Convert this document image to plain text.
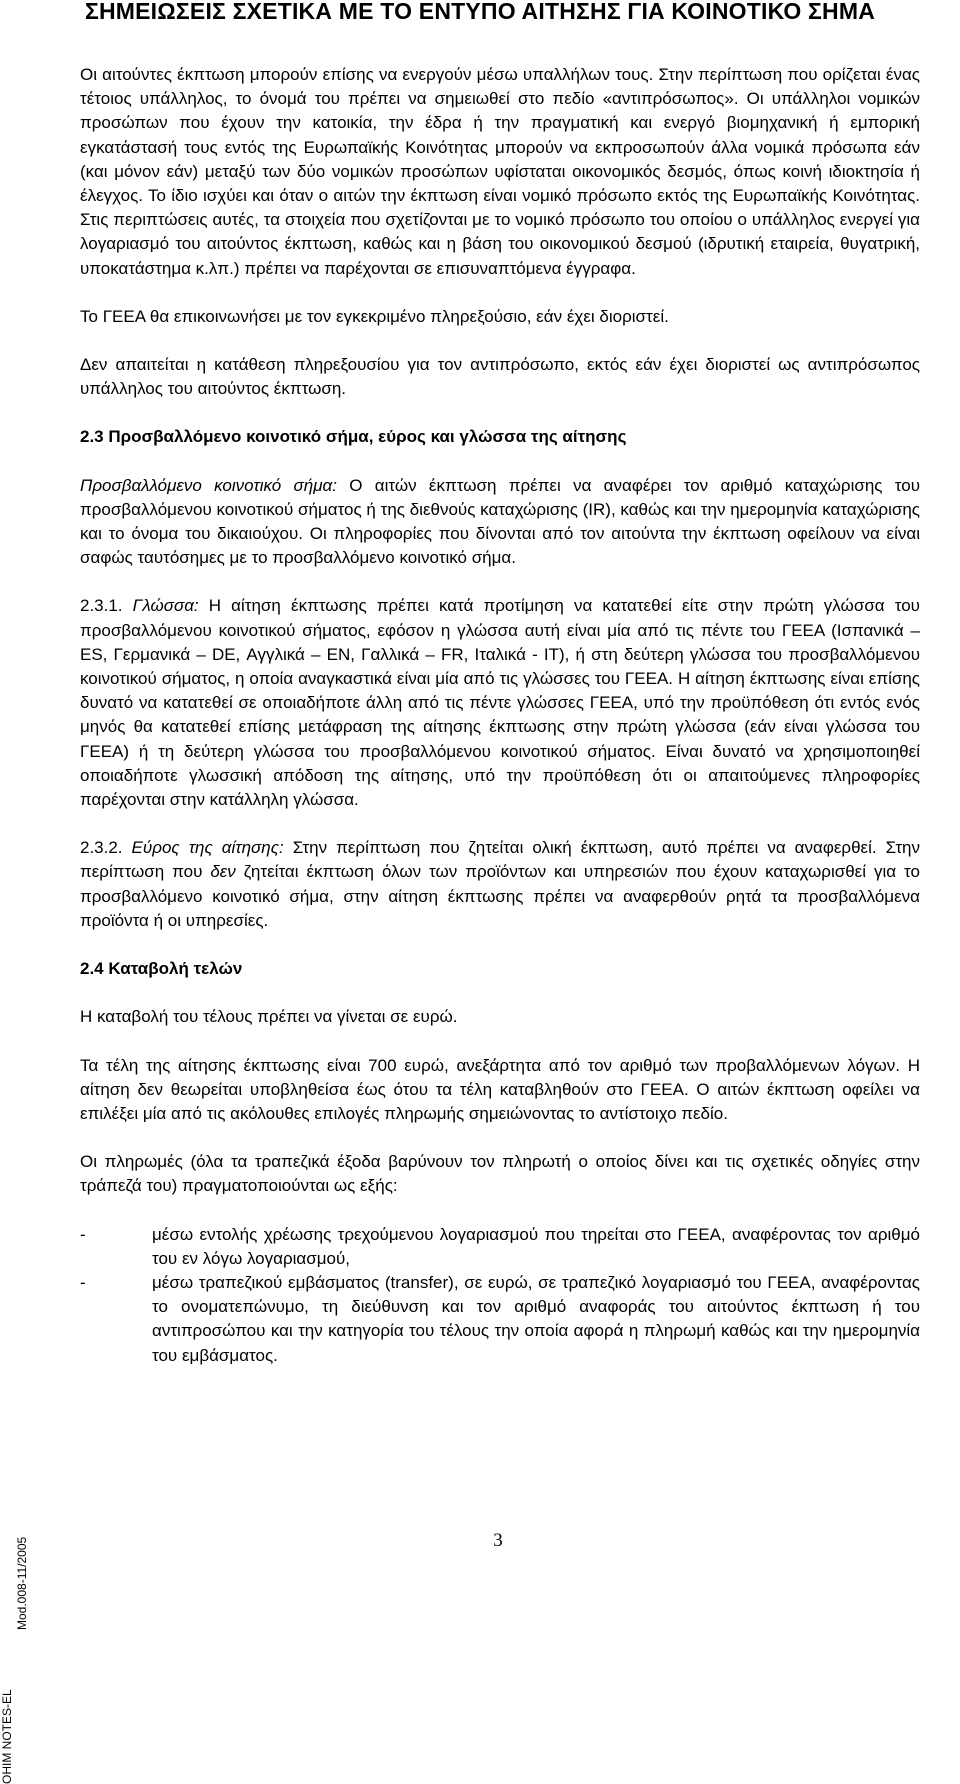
ΣΗΜΕΙΩΣΕΙΣ ΣΧΕΤΙΚΑ ΜΕ ΤΟ ΕΝΤΥΠΟ ΑΙΤΗΣΗΣ ΓΙΑ ΚΟΙΝΟΤΙΚΟ ΣΗΜΑ

Οι αιτούντες έκπτωση μπορούν επίσης να ενεργούν μέσω υπαλλήλων τους. Στην περίπτωση που ορίζεται ένας τέτοιος υπάλληλος, το όνομά του πρέπει να σημειωθεί στο πεδίο «αντιπρόσωπος». Οι υπάλληλοι νομικών προσώπων που έχουν την κατοικία, την έδρα ή την πραγματική και ενεργό βιομηχανική ή εμπορική εγκατάστασή τους εντός της Ευρωπαϊκής Κοινότητας μπορούν να εκπροσωπούν άλλα νομικά πρόσωπα εάν (και μόνον εάν) μεταξύ των δύο νομικών προσώπων υφίσταται οικονομικός δεσμός, όπως κοινή ιδιοκτησία ή έλεγχος. Το ίδιο ισχύει και όταν ο αιτών την έκπτωση είναι νομικό πρόσωπο εκτός της Ευρωπαϊκής Κοινότητας. Στις περιπτώσεις αυτές, τα στοιχεία που σχετίζονται με το νομικό πρόσωπο του οποίου ο υπάλληλος ενεργεί για λογαριασμό του αιτούντος έκπτωση, καθώς και η βάση του οικονομικού δεσμού (ιδρυτική εταιρεία, θυγατρική, υποκατάστημα κ.λπ.) πρέπει να παρέχονται σε επισυναπτόμενα έγγραφα.

Το ΓΕΕΑ θα επικοινωνήσει με τον εγκεκριμένο πληρεξούσιο, εάν έχει διοριστεί.

Δεν απαιτείται η κατάθεση πληρεξουσίου για τον αντιπρόσωπο, εκτός εάν έχει διοριστεί ως αντιπρόσωπος υπάλληλος του αιτούντος έκπτωση.

2.3 Προσβαλλόμενο κοινοτικό σήμα, εύρος και γλώσσα της αίτησης

Προσβαλλόμενο κοινοτικό σήμα: Ο αιτών έκπτωση πρέπει να αναφέρει τον αριθμό καταχώρισης του προσβαλλόμενου κοινοτικού σήματος ή της διεθνούς καταχώρισης (IR), καθώς και την ημερομηνία καταχώρισης και το όνομα του δικαιούχου. Οι πληροφορίες που δίνονται από τον αιτούντα την έκπτωση οφείλουν να είναι σαφώς ταυτόσημες με το προσβαλλόμενο κοινοτικό σήμα.

2.3.1. Γλώσσα: Η αίτηση έκπτωσης πρέπει κατά προτίμηση να κατατεθεί είτε στην πρώτη γλώσσα του προσβαλλόμενου κοινοτικού σήματος, εφόσον η γλώσσα αυτή είναι μία από τις πέντε του ΓΕΕΑ (Ισπανικά – ES, Γερμανικά – DE, Αγγλικά – EN, Γαλλικά – FR, Ιταλικά - IT), ή στη δεύτερη γλώσσα του προσβαλλόμενου κοινοτικού σήματος, η οποία αναγκαστικά είναι μία από τις γλώσσες του ΓΕΕΑ. Η αίτηση έκπτωσης είναι επίσης δυνατό να κατατεθεί σε οποιαδήποτε άλλη από τις πέντε γλώσσες ΓΕΕΑ, υπό την προϋπόθεση ότι εντός ενός μηνός θα κατατεθεί επίσης μετάφραση της αίτησης έκπτωσης στην πρώτη γλώσσα (εάν είναι γλώσσα του ΓΕΕΑ) ή τη δεύτερη γλώσσα του προσβαλλόμενου κοινοτικού σήματος. Είναι δυνατό να χρησιμοποιηθεί οποιαδήποτε γλωσσική απόδοση της αίτησης, υπό την προϋπόθεση ότι οι απαιτούμενες πληροφορίες παρέχονται στην κατάλληλη γλώσσα.

2.3.2. Εύρος της αίτησης: Στην περίπτωση που ζητείται ολική έκπτωση, αυτό πρέπει να αναφερθεί. Στην περίπτωση που δεν ζητείται έκπτωση όλων των προϊόντων και υπηρεσιών που έχουν καταχωρισθεί για το προσβαλλόμενο κοινοτικό σήμα, στην αίτηση έκπτωσης πρέπει να αναφερθούν ρητά τα προσβαλλόμενα προϊόντα ή οι υπηρεσίες.

2.4 Καταβολή τελών

Η καταβολή του τέλους πρέπει να γίνεται σε ευρώ.

Τα τέλη της αίτησης έκπτωσης είναι 700 ευρώ, ανεξάρτητα από τον αριθμό των προβαλλόμενων λόγων. Η αίτηση δεν θεωρείται υποβληθείσα έως ότου τα τέλη καταβληθούν στο ΓΕΕΑ. Ο αιτών έκπτωση οφείλει να επιλέξει μία από τις ακόλουθες επιλογές πληρωμής σημειώνοντας το αντίστοιχο πεδίο.

Οι πληρωμές (όλα τα τραπεζικά έξοδα βαρύνουν τον πληρωτή ο οποίος δίνει και τις σχετικές οδηγίες στην τράπεζά του) πραγματοποιούνται ως εξής:

-	μέσω εντολής χρέωσης τρεχούμενου λογαριασμού που τηρείται στο ΓΕΕΑ, αναφέροντας τον αριθμό του εν λόγω λογαριασμού,
-	μέσω τραπεζικού εμβάσματος (transfer), σε ευρώ, σε τραπεζικό λογαριασμό του ΓΕΕΑ, αναφέροντας το ονοματεπώνυμο, τη διεύθυνση και τον αριθμό αναφοράς του αιτούντος έκπτωση ή του αντιπροσώπου και την κατηγορία του τέλους την οποία αφορά η πληρωμή καθώς και την ημερομηνία του εμβάσματος.
OHIM NOTES-EL
Mod.008-11/2005	3
